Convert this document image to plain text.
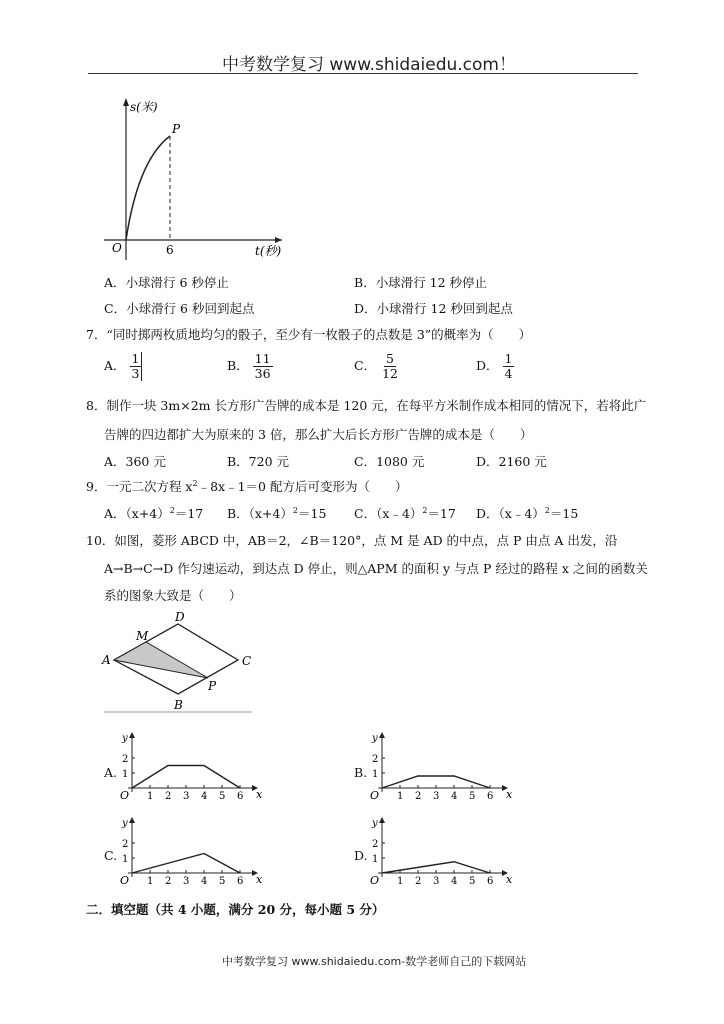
中考数学复习 www.shidaiedu.com！
s(米)
t(秒)
O
P
6
A．小球滑行 6 秒停止	B．小球滑行 12 秒停止
C．小球滑行 6 秒回到起点	D．小球滑行 12 秒回到起点
7．“同时掷两枚质地均匀的骰子，至少有一枚骰子的点数是 3”的概率为（　　）
A． $\frac{1}{3}$	B． $\frac{11}{36}$	C． $\frac{5}{12}$	D． $\frac{1}{4}$
8．制作一块 3m×2m 长方形广告牌的成本是 120 元，在每平方米制作成本相同的情况下，若将此广
告牌的四边都扩大为原来的 3 倍，那么扩大后长方形广告牌的成本是（　　）
A．360 元	B．720 元	C．1080 元	D．2160 元
9．一元二次方程 $x^2﹣8x﹣1=0$ 配方后可变形为（　　）
A．$(x+4)^2=17$ B．$(x+4)^2=15$ C．（x﹣4）$^2$＝17 D．（x﹣4）$^2$＝15
10．如图，菱形 ABCD 中，AB＝2，∠B＝120°，点 M 是 AD 的中点，点 P 由点 A 出发，沿
A→B→C→D 作匀速运动，到达点 D 停止，则△APM 的面积 y 与点 P 经过的路程 x 之间的函数关
系的图象大致是（　　）
A
B
C
D
M
P
A.	B.
C.	D.
1 2 3 4 5 6
1
2
O
y
x	1 2 3 4 5 6
1
2
O
y
x
1 2 3 4 5 6
1
2
O
y
x	1 2 3 4 5 6
1
2
O
y
x
二．填空题（共 4 小题，满分 20 分，每小题 5 分）
中考数学复习 www.shidaiedu.com-数学老师自己的下载网站
